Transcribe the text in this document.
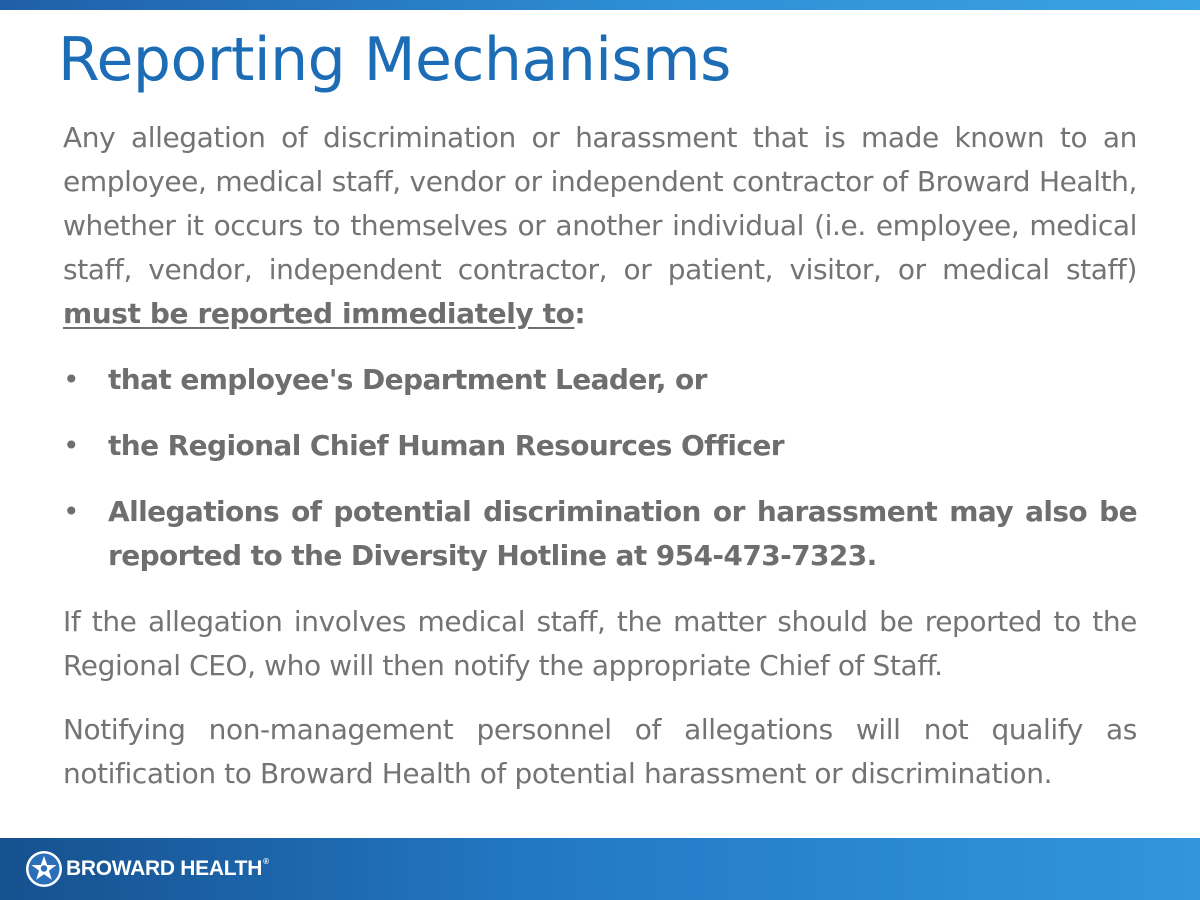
Reporting Mechanisms

Any allegation of discrimination or harassment that is made known to an employee, medical staff, vendor or independent contractor of Broward Health, whether it occurs to themselves or another individual (i.e. employee, medical staff, vendor, independent contractor, or patient, visitor, or medical staff) must be reported immediately to:

• that employee's Department Leader, or
• the Regional Chief Human Resources Officer
• Allegations of potential discrimination or harassment may also be reported to the Diversity Hotline at 954-473-7323.

If the allegation involves medical staff, the matter should be reported to the Regional CEO, who will then notify the appropriate Chief of Staff.

Notifying non-management personnel of allegations will not qualify as notification to Broward Health of potential harassment or discrimination.

BROWARD HEALTH®
